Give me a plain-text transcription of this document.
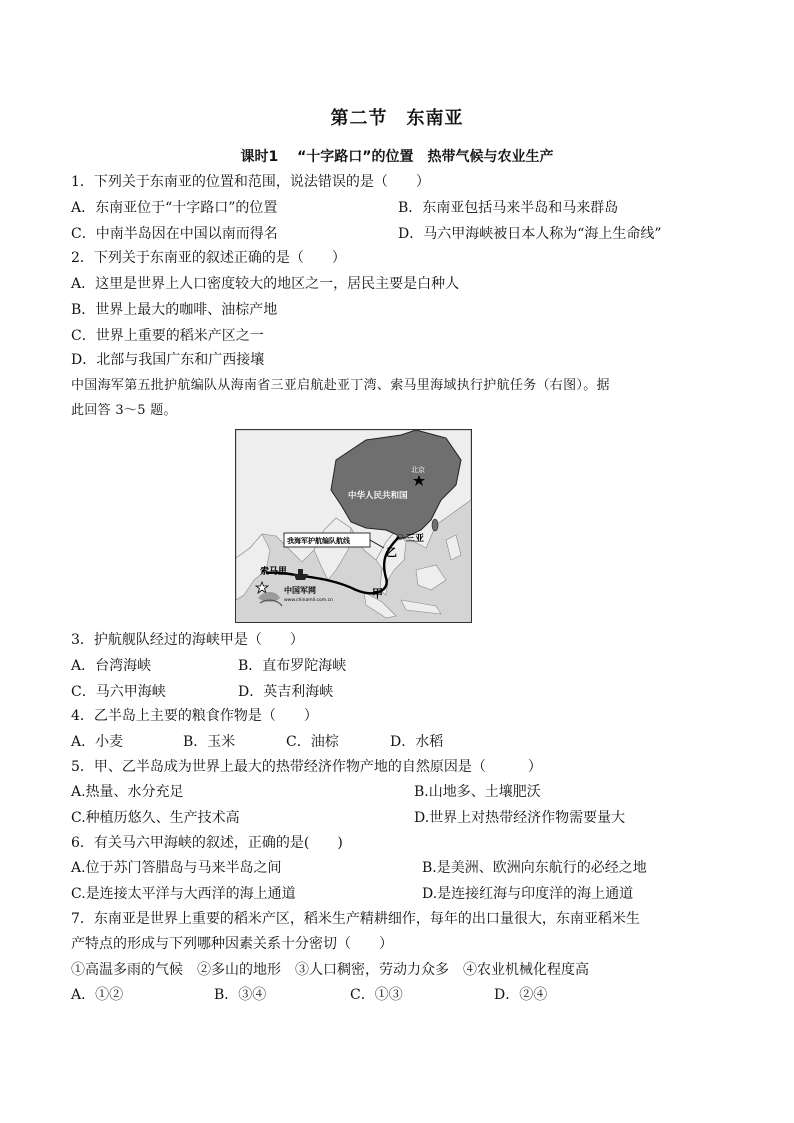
第二节　东南亚
课时1　 “十字路口”的位置　热带气候与农业生产
1．下列关于东南亚的位置和范围，说法错误的是（　　）
A．东南亚位于“十字路口”的位置	B．东南亚包括马来半岛和马来群岛
C．中南半岛因在中国以南而得名	D．马六甲海峡被日本人称为“海上生命线”
2．下列关于东南亚的叙述正确的是（　　）
A．这里是世界上人口密度较大的地区之一，居民主要是白种人
B．世界上最大的咖啡、油棕产地
C．世界上重要的稻米产区之一
D．北部与我国广东和广西接壤
中国海军第五批护航编队从海南省三亚启航赴亚丁湾、索马里海域执行护航任务（右图）。据
此回答 3～5 题。
中华人民共和国
北京
三亚
我海军护航编队航线
索马里
乙
甲
中国军网
www.chinamil.com.cn
3．护航舰队经过的海峡甲是（　　）
A．台湾海峡	B．直布罗陀海峡
C．马六甲海峡	D．英吉利海峡
4．乙半岛上主要的粮食作物是（　　）
A．小麦	B．玉米	C．油棕	D．水稻
5．甲、乙半岛成为世界上最大的热带经济作物产地的自然原因是（　　　）
A.热量、水分充足	B.山地多、土壤肥沃
C.种植历悠久、生产技术高	D.世界上对热带经济作物需要量大
6．有关马六甲海峡的叙述，正确的是(　　)
A.位于苏门答腊岛与马来半岛之间	B.是美洲、欧洲向东航行的必经之地
C.是连接太平洋与大西洋的海上通道	D.是连接红海与印度洋的海上通道
7．东南亚是世界上重要的稻米产区，稻米生产精耕细作，每年的出口量很大，东南亚稻米生
产特点的形成与下列哪种因素关系十分密切（　　）
①高温多雨的气候　②多山的地形　③人口稠密，劳动力众多　④农业机械化程度高
A．①②	B．③④	C．①③	D．②④
